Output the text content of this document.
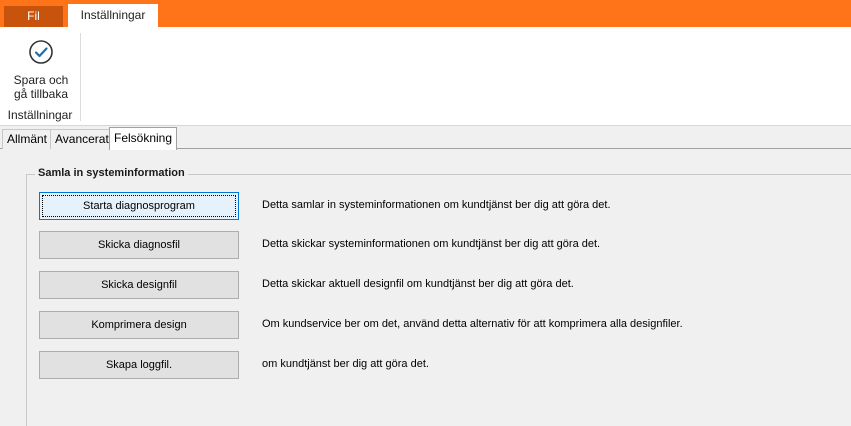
Fil	Inställningar
Spara och
gå tillbaka
Inställningar
Allmänt Avancerat Felsökning
Samla in systeminformation
Starta diagnosprogram	Detta samlar in systeminformationen om kundtjänst ber dig att göra det.
Skicka diagnosfil	Detta skickar systeminformationen om kundtjänst ber dig att göra det.
Skicka designfil	Detta skickar aktuell designfil om kundtjänst ber dig att göra det.
Komprimera design	Om kundservice ber om det, använd detta alternativ för att komprimera alla designfiler.
Skapa loggfil.	om kundtjänst ber dig att göra det.
